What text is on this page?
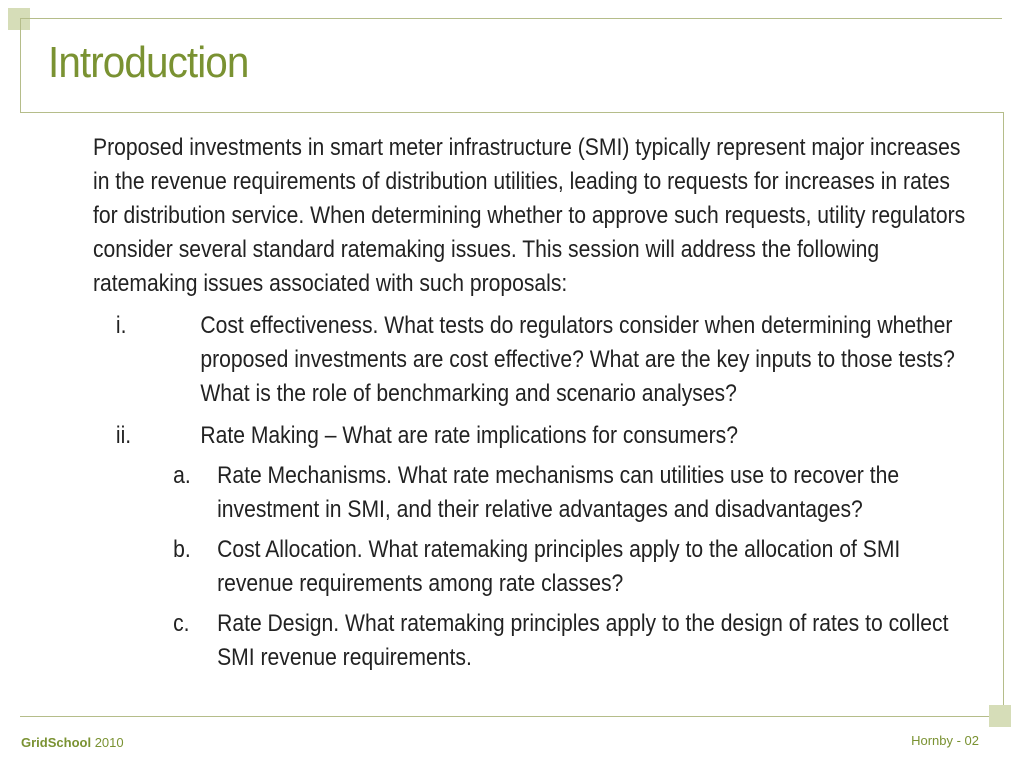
Introduction

Proposed investments in smart meter infrastructure (SMI) typically represent major increases in the revenue requirements of distribution utilities, leading to requests for increases in rates for distribution service. When determining whether to approve such requests, utility regulators consider several standard ratemaking issues. This session will address the following ratemaking issues associated with such proposals:

i.	Cost effectiveness. What tests do regulators consider when determining whether proposed investments are cost effective? What are the key inputs to those tests? What is the role of benchmarking and scenario analyses?
ii.	Rate Making – What are rate implications for consumers?
a.	Rate Mechanisms. What rate mechanisms can utilities use to recover the investment in SMI, and their relative advantages and disadvantages?
b.	Cost Allocation. What ratemaking principles apply to the allocation of SMI revenue requirements among rate classes?
c.	Rate Design. What ratemaking principles apply to the design of rates to collect SMI revenue requirements.
GridSchool 2010	Hornby - 02
